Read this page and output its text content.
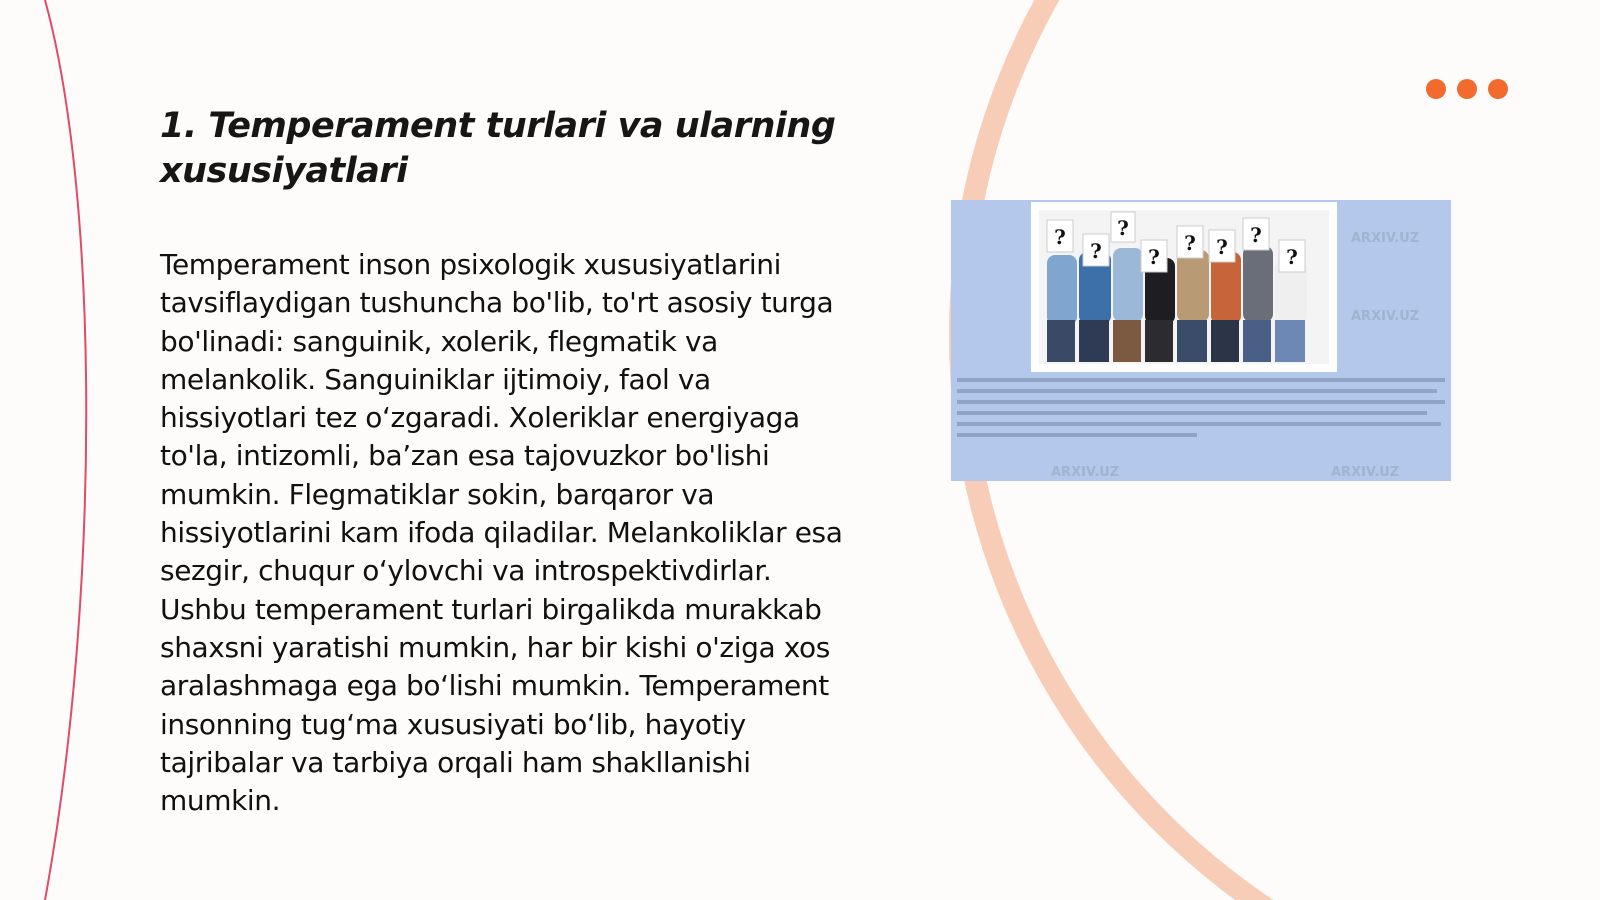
1. Temperament turlari va ularning xususiyatlari

Temperament inson psixologik xususiyatlarini tavsiflaydigan tushuncha bo'lib, to'rt asosiy turga bo'linadi: sanguinik, xolerik, flegmatik va melankolik. Sanguiniklar ijtimoiy, faol va hissiyotlari tez o‘zgaradi. Xoleriklar energiyaga to'la, intizomli, ba’zan esa tajovuzkor bo'lishi mumkin. Flegmatiklar sokin, barqaror va hissiyotlarini kam ifoda qiladilar. Melankoliklar esa sezgir, chuqur o‘ylovchi va introspektivdirlar. Ushbu temperament turlari birgalikda murakkab shaxsni yaratishi mumkin, har bir kishi o'ziga xos aralashmaga ega bo‘lishi mumkin. Temperament insonning tug‘ma xususiyati bo‘lib, hayotiy tajribalar va tarbiya orqali ham shakllanishi mumkin.

?
?
?
?
? ? ?
?
ARXIV.UZ
ARXIV.UZ
ARXIV.UZ	ARXIV.UZ
